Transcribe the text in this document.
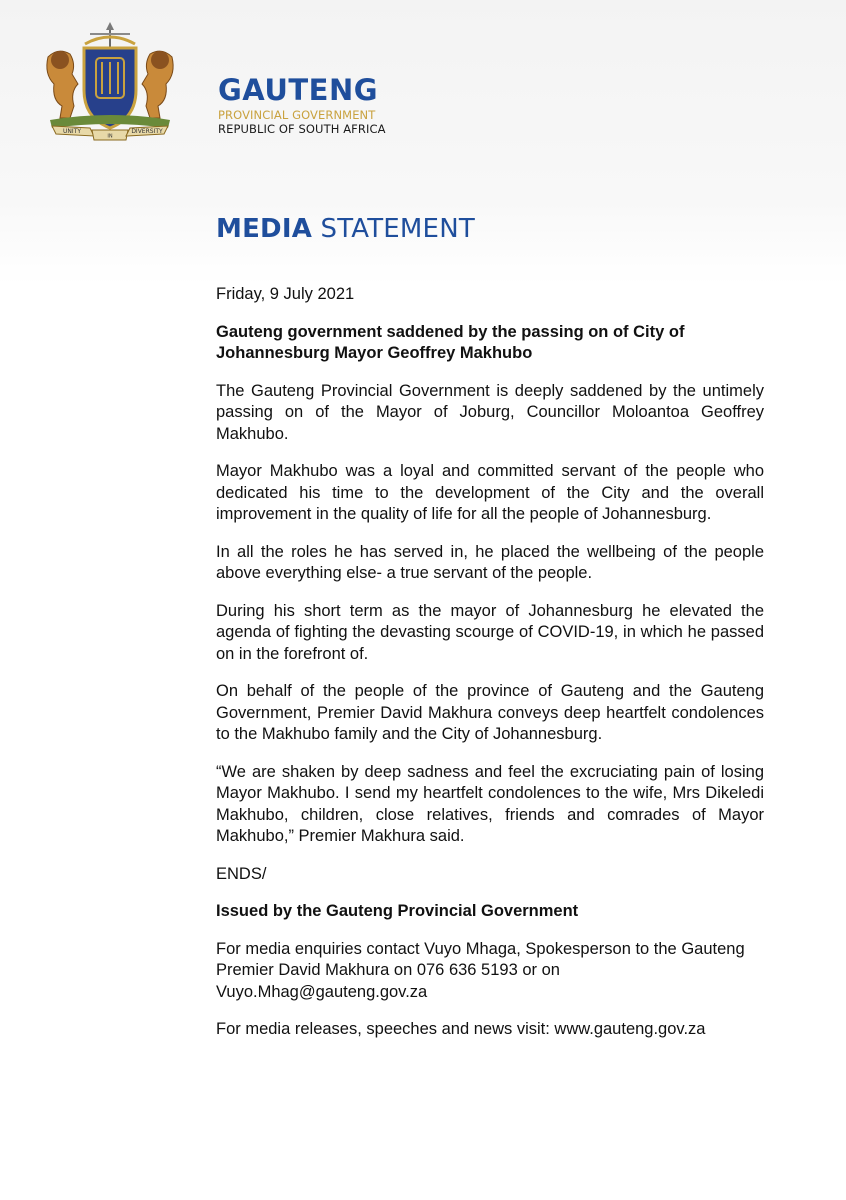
UNITY
IN
DIVERSITY
GAUTENG
PROVINCIAL GOVERNMENT
REPUBLIC OF SOUTH AFRICA
MEDIA STATEMENT

Friday, 9 July 2021

Gauteng government saddened by the passing on of City of Johannesburg Mayor Geoffrey Makhubo

The Gauteng Provincial Government is deeply saddened by the untimely passing on of the Mayor of Joburg, Councillor Moloantoa Geoffrey Makhubo.

Mayor Makhubo was a loyal and committed servant of the people who dedicated his time to the development of the City and the overall improvement in the quality of life for all the people of Johannesburg.

In all the roles he has served in, he placed the wellbeing of the people above everything else- a true servant of the people.

During his short term as the mayor of Johannesburg he elevated the agenda of fighting the devasting scourge of COVID-19, in which he passed on in the forefront of.

On behalf of the people of the province of Gauteng and the Gauteng Government, Premier David Makhura conveys deep heartfelt condolences to the Makhubo family and the City of Johannesburg.

“We are shaken by deep sadness and feel the excruciating pain of losing Mayor Makhubo. I send my heartfelt condolences to the wife, Mrs Dikeledi Makhubo, children, close relatives, friends and comrades of Mayor Makhubo,” Premier Makhura said.

ENDS/

Issued by the Gauteng Provincial Government

For media enquiries contact Vuyo Mhaga, Spokesperson to the Gauteng Premier David Makhura on 076 636 5193 or on Vuyo.Mhag@gauteng.gov.za

For media releases, speeches and news visit: www.gauteng.gov.za
